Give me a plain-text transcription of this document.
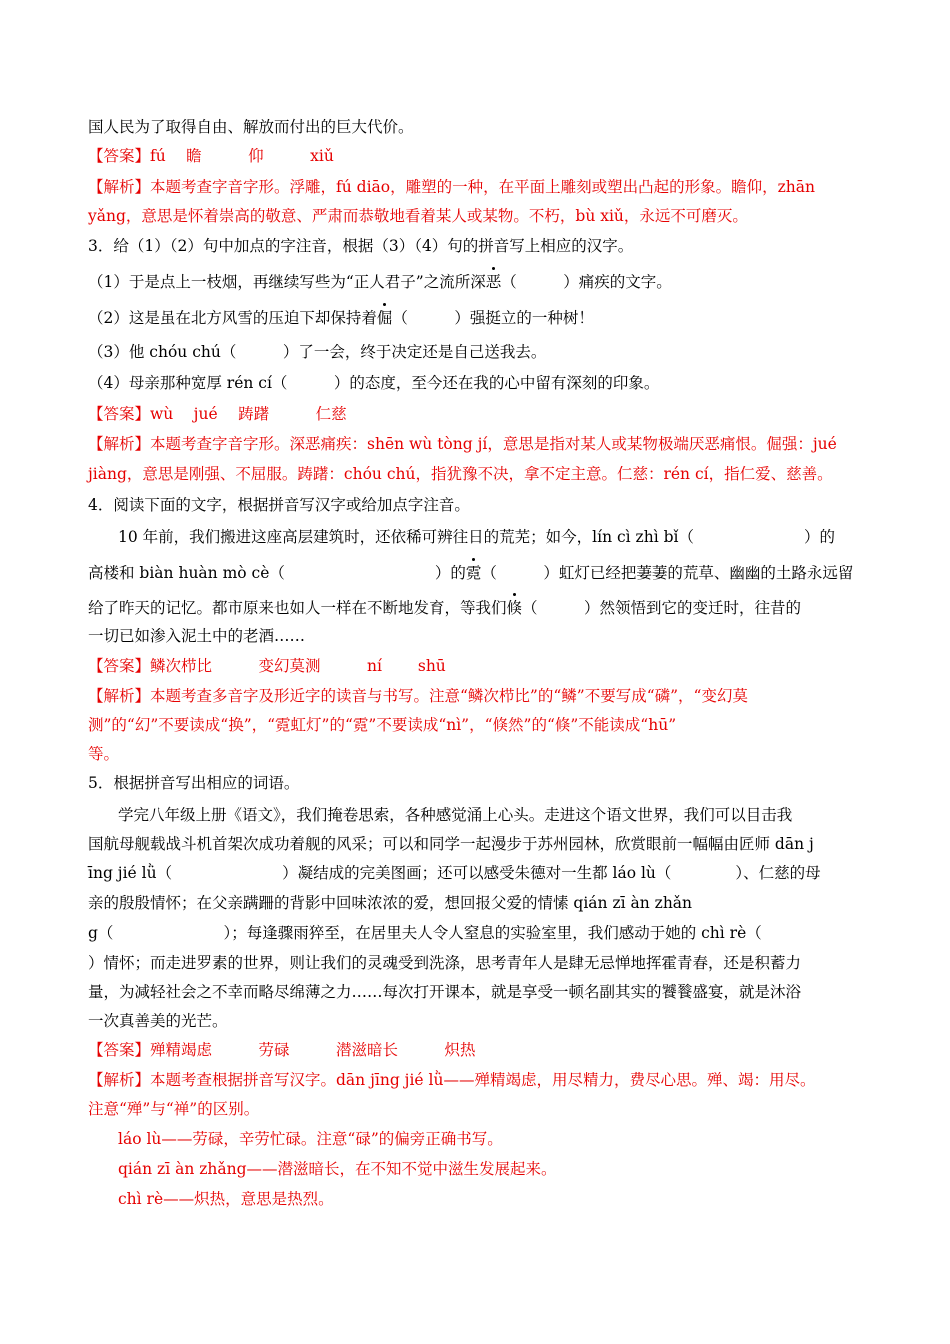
国人民为了取得自由、解放而付出的巨大代价。
【答案】fú　 瞻　　　仰　　　xiǔ
【解析】本题考查字音字形。浮雕，fú diāo，雕塑的一种，在平面上雕刻或塑出凸起的形象。瞻仰，zhān
yǎng，意思是怀着崇高的敬意、严肃而恭敬地看着某人或某物。不朽，bù xiǔ，永远不可磨灭。
3．给（1）（2）句中加点的字注音，根据（3）（4）句的拼音写上相应的汉字。
（1）于是点上一枝烟，再继续写些为“正人君子”之流所深恶（　　　）痛疾的文字。
（2）这是虽在北方风雪的压迫下却保持着倔（　　　）强挺立的一种树！
（3）他 chóu chú（　　　）了一会，终于决定还是自己送我去。
（4）母亲那种宽厚 rén cí（　　　）的态度，至今还在我的心中留有深刻的印象。
【答案】wù　 jué　 踌躇　　　仁慈
【解析】本题考查字音字形。深恶痛疾：shēn wù tòng jí，意思是指对某人或某物极端厌恶痛恨。倔强：jué
jiàng，意思是刚强、不屈服。踌躇：chóu chú，指犹豫不决，拿不定主意。仁慈：rén cí，指仁爱、慈善。
4．阅读下面的文字，根据拼音写汉字或给加点字注音。
10 年前，我们搬进这座高层建筑时，还依稀可辨往日的荒芜；如今，lín cì zhì bǐ（	）的
高楼和 biàn huàn mò cè（	）的霓（　　　）虹灯已经把萋萋的荒草、幽幽的土路永远留
给了昨天的记忆。都市原来也如人一样在不断地发育，等我们倏（　　　）然领悟到它的变迁时，往昔的
一切已如渗入泥土中的老酒……
【答案】鳞次栉比　　　变幻莫测　　　ní　　 shū
【解析】本题考查多音字及形近字的读音与书写。注意“鳞次栉比”的“鳞”不要写成“磷”，“变幻莫
测”的“幻”不要读成“换”，“霓虹灯”的“霓”不要读成“nì”，“倏然”的“倏”不能读成“hū”
等。
5．根据拼音写出相应的词语。
学完八年级上册《语文》，我们掩卷思索，各种感觉涌上心头。走进这个语文世界，我们可以目击我
国航母舰载战斗机首架次成功着舰的风采；可以和同学一起漫步于苏州园林，欣赏眼前一幅幅由匠师 dān j
īng jié lǜ（	）凝结成的完美图画；还可以感受朱德对一生都 láo lù（	）、仁慈的母
亲的殷殷情怀；在父亲蹒跚的背影中回味浓浓的爱，想回报父爱的情愫 qián zī àn zhǎn
g（	）；每逢骤雨猝至，在居里夫人令人窒息的实验室里，我们感动于她的 chì rè（
）情怀；而走进罗素的世界，则让我们的灵魂受到洗涤，思考青年人是肆无忌惮地挥霍青春，还是积蓄力
量，为减轻社会之不幸而略尽绵薄之力……每次打开课本，就是享受一顿名副其实的饕餮盛宴，就是沐浴
一次真善美的光芒。
【答案】殚精竭虑　　　劳碌　　　潜滋暗长　　　炽热
【解析】本题考查根据拼音写汉字。dān jīng jié lǜ——殚精竭虑，用尽精力，费尽心思。殚、竭：用尽。
注意“殚”与“禅”的区别。
láo lù——劳碌，辛劳忙碌。注意“碌”的偏旁正确书写。
qián zī àn zhǎng——潜滋暗长，在不知不觉中滋生发展起来。
chì rè——炽热，意思是热烈。
